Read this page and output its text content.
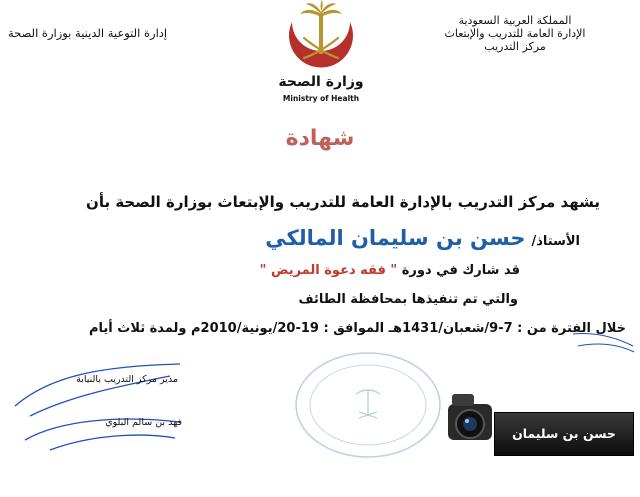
المملكة العربية السعودية
الإدارة العامة للتدريب والإبتعاث
مركز التدريب
إدارة التوعية الدينية بوزارة الصحة
وزارة الصحة
Ministry of Health
شهادة
يشهد مركز التدريب بالإدارة العامة للتدريب والإبتعاث بوزارة الصحة بأن
الأستاذ/حسن بن سليمان المالكي
قد شارك في دورة " فقه دعوة المريض "
والتي تم تنفيذها بمحافظة الطائف
خلال الفترة من : 7-9/شعبان/1431هـ الموافق : 19-20/يونية/2010م ولمدة ثلاث أيام
مدير مركز التدريب بالنيابة
فهد بن سالم البلوي
حسن بن سليمان المالكي
